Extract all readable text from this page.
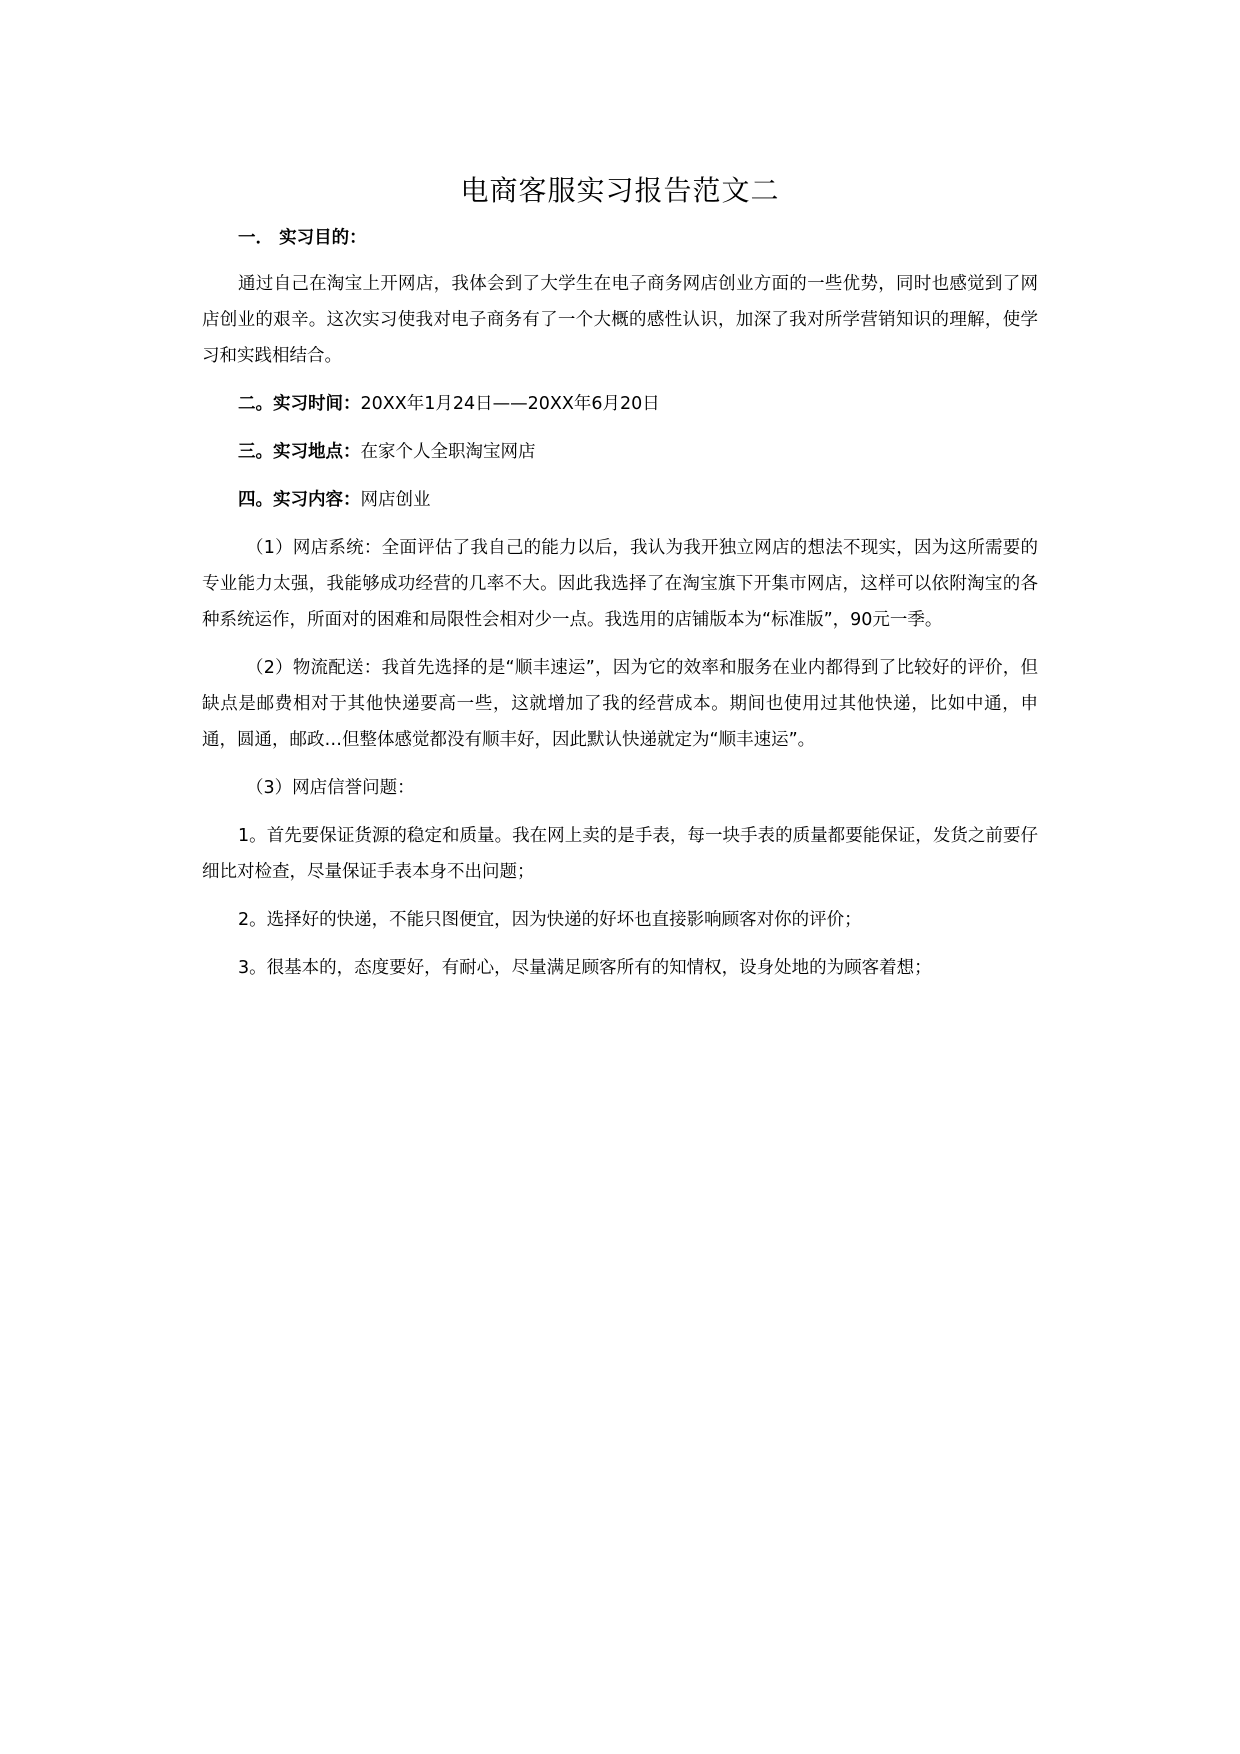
电商客服实习报告范文二
一． 实习目的：

通过自己在淘宝上开网店，我体会到了大学生在电子商务网店创业方面的一些优势，同时也感觉到了网店创业的艰辛。这次实习使我对电子商务有了一个大概的感性认识，加深了我对所学营销知识的理解，使学习和实践相结合。

二。实习时间：20XX年1月24日——20XX年6月20日
三。实习地点：在家个人全职淘宝网店
四。实习内容：网店创业

（1）网店系统：全面评估了我自己的能力以后，我认为我开独立网店的想法不现实，因为这所需要的专业能力太强，我能够成功经营的几率不大。因此我选择了在淘宝旗下开集市网店，这样可以依附淘宝的各种系统运作，所面对的困难和局限性会相对少一点。我选用的店铺版本为“标准版”，90元一季。

（2）物流配送：我首先选择的是“顺丰速运”，因为它的效率和服务在业内都得到了比较好的评价，但缺点是邮费相对于其他快递要高一些，这就增加了我的经营成本。期间也使用过其他快递，比如中通，申通，圆通，邮政…但整体感觉都没有顺丰好，因此默认快递就定为“顺丰速运”。

（3）网店信誉问题：

1。首先要保证货源的稳定和质量。我在网上卖的是手表，每一块手表的质量都要能保证，发货之前要仔细比对检查，尽量保证手表本身不出问题；

2。选择好的快递，不能只图便宜，因为快递的好坏也直接影响顾客对你的评价；

3。很基本的，态度要好，有耐心，尽量满足顾客所有的知情权，设身处地的为顾客着想；
